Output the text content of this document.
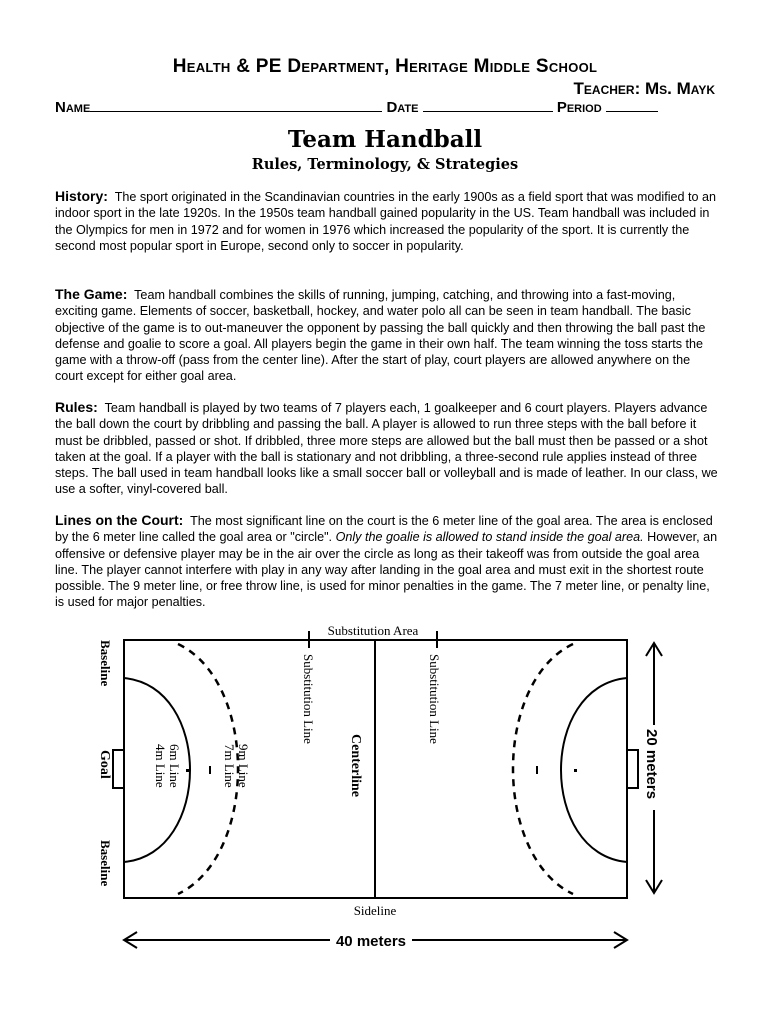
Health & PE Department, Heritage Middle School
Teacher: Ms. Mayk
Name	Date	Period
Team Handball
Rules, Terminology, & Strategies

History: The sport originated in the Scandinavian countries in the early 1900s as a field sport that was modified to an indoor sport in the late 1920s. In the 1950s team handball gained popularity in the US. Team handball was included in the Olympics for men in 1972 and for women in 1976 which increased the popularity of the sport. It is currently the second most popular sport in Europe, second only to soccer in popularity.

The Game: Team handball combines the skills of running, jumping, catching, and throwing into a fast-moving, exciting game. Elements of soccer, basketball, hockey, and water polo all can be seen in team handball. The basic objective of the game is to out-maneuver the opponent by passing the ball quickly and then throwing the ball past the defense and goalie to score a goal. All players begin the game in their own half. The team winning the toss starts the game with a throw-off (pass from the center line). After the start of play, court players are allowed anywhere on the court except for either goal area.

Rules: Team handball is played by two teams of 7 players each, 1 goalkeeper and 6 court players. Players advance the ball down the court by dribbling and passing the ball. A player is allowed to run three steps with the ball before it must be dribbled, passed or shot. If dribbled, three more steps are allowed but the ball must then be passed or a shot taken at the goal. If a player with the ball is stationary and not dribbling, a three-second rule applies instead of three steps. The ball used in team handball looks like a small soccer ball or volleyball and is made of leather. In our class, we use a softer, vinyl-covered ball.

Lines on the Court: The most significant line on the court is the 6 meter line of the goal area. The area is enclosed by the 6 meter line called the goal area or "circle". Only the goalie is allowed to stand inside the goal area. However, an offensive or defensive player may be in the air over the circle as long as their takeoff was from outside the goal area line. The player cannot interfere with play in any way after landing in the goal area and must exit in the shortest route possible. The 9 meter line, or free throw line, is used for minor penalties in the game. The 7 meter line, or penalty line, is used for major penalties.

Substitution Area
Centerline
Substitution Line	Substitution Line
Baseline
Goal
Baseline
9m Line
7m Line
6m Line
4m Line
Sideline
20 meters
40 meters
